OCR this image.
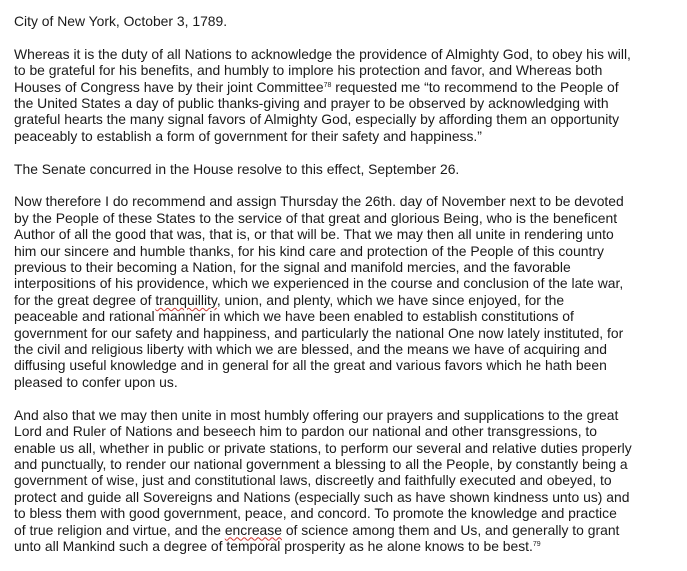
City of New York, October 3, 1789.

Whereas it is the duty of all Nations to acknowledge the providence of Almighty God, to obey his will,
to be grateful for his benefits, and humbly to implore his protection and favor, and Whereas both
Houses of Congress have by their joint Committee$^{78}$ requested me “to recommend to the People of
the United States a day of public thanks-giving and prayer to be observed by acknowledging with
grateful hearts the many signal favors of Almighty God, especially by affording them an opportunity
peaceably to establish a form of government for their safety and happiness.”

The Senate concurred in the House resolve to this effect, September 26.

Now therefore I do recommend and assign Thursday the 26th. day of November next to be devoted
by the People of these States to the service of that great and glorious Being, who is the beneficent
Author of all the good that was, that is, or that will be. That we may then all unite in rendering unto
him our sincere and humble thanks, for his kind care and protection of the People of this country
previous to their becoming a Nation, for the signal and manifold mercies, and the favorable
interpositions of his providence, which we experienced in the course and conclusion of the late war,
for the great degree of tranquillity, union, and plenty, which we have since enjoyed, for the
peaceable and rational manner in which we have been enabled to establish constitutions of
government for our safety and happiness, and particularly the national One now lately instituted, for
the civil and religious liberty with which we are blessed, and the means we have of acquiring and
diffusing useful knowledge and in general for all the great and various favors which he hath been
pleased to confer upon us.

And also that we may then unite in most humbly offering our prayers and supplications to the great
Lord and Ruler of Nations and beseech him to pardon our national and other transgressions, to
enable us all, whether in public or private stations, to perform our several and relative duties properly
and punctually, to render our national government a blessing to all the People, by constantly being a
government of wise, just and constitutional laws, discreetly and faithfully executed and obeyed, to
protect and guide all Sovereigns and Nations (especially such as have shown kindness unto us) and
to bless them with good government, peace, and concord. To promote the knowledge and practice
of true religion and virtue, and the encrease of science among them and Us, and generally to grant
unto all Mankind such a degree of temporal prosperity as he alone knows to be best.$^{79}$
